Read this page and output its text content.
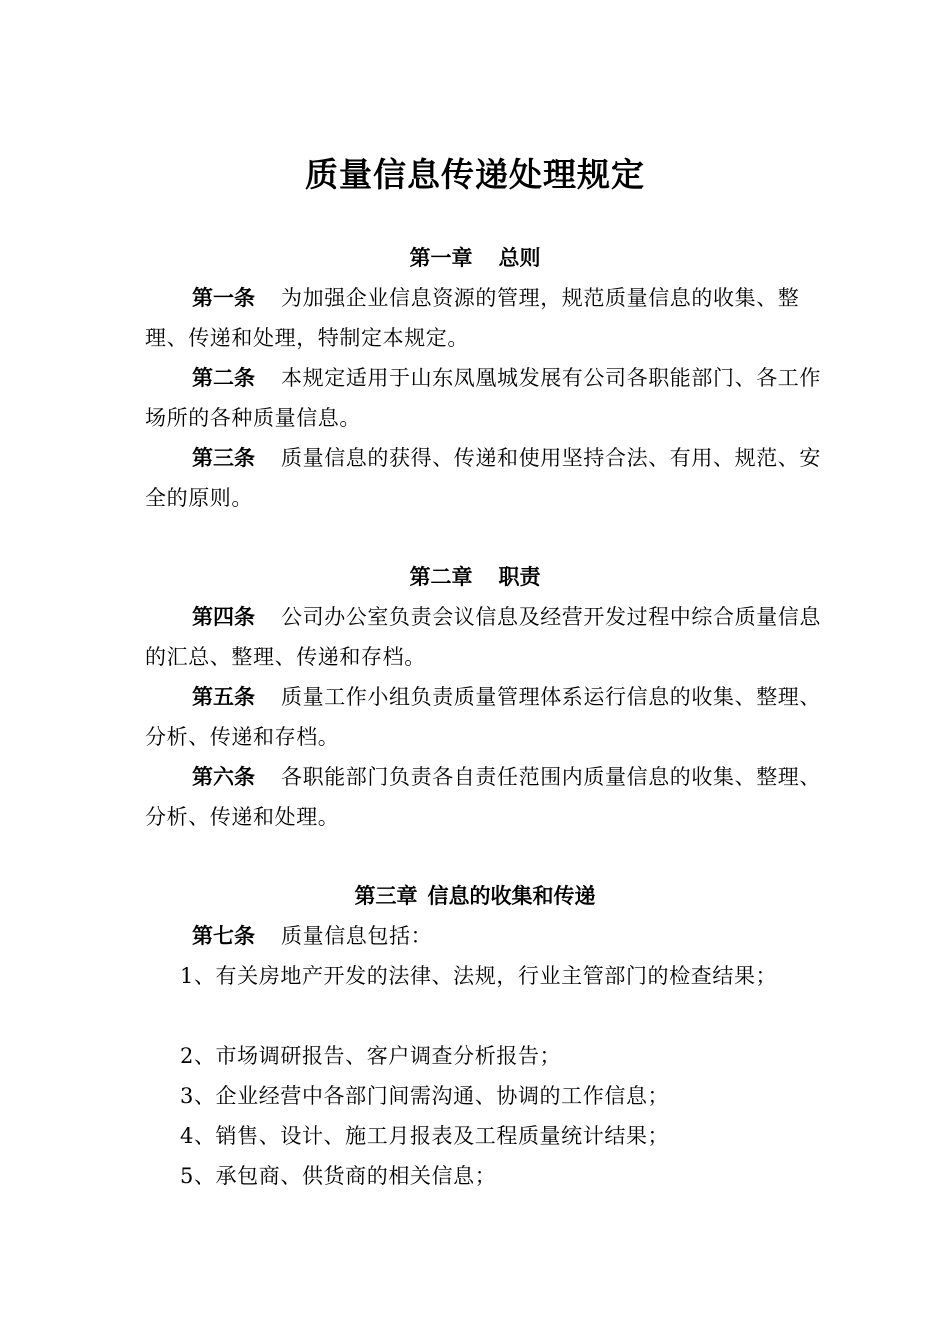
质量信息传递处理规定
第一章 总则
第一条 为加强企业信息资源的管理，规范质量信息的收集、整理、传递和处理，特制定本规定。
第二条 本规定适用于山东凤凰城发展有公司各职能部门、各工作场所的各种质量信息。
第三条 质量信息的获得、传递和使用坚持合法、有用、规范、安全的原则。
第二章 职责
第四条 公司办公室负责会议信息及经营开发过程中综合质量信息的汇总、整理、传递和存档。
第五条 质量工作小组负责质量管理体系运行信息的收集、整理、分析、传递和存档。
第六条 各职能部门负责各自责任范围内质量信息的收集、整理、分析、传递和处理。
第三章 信息的收集和传递
第七条 质量信息包括：
1、有关房地产开发的法律、法规，行业主管部门的检查结果；
2、市场调研报告、客户调查分析报告；
3、企业经营中各部门间需沟通、协调的工作信息；
4、销售、设计、施工月报表及工程质量统计结果；
5、承包商、供货商的相关信息；
